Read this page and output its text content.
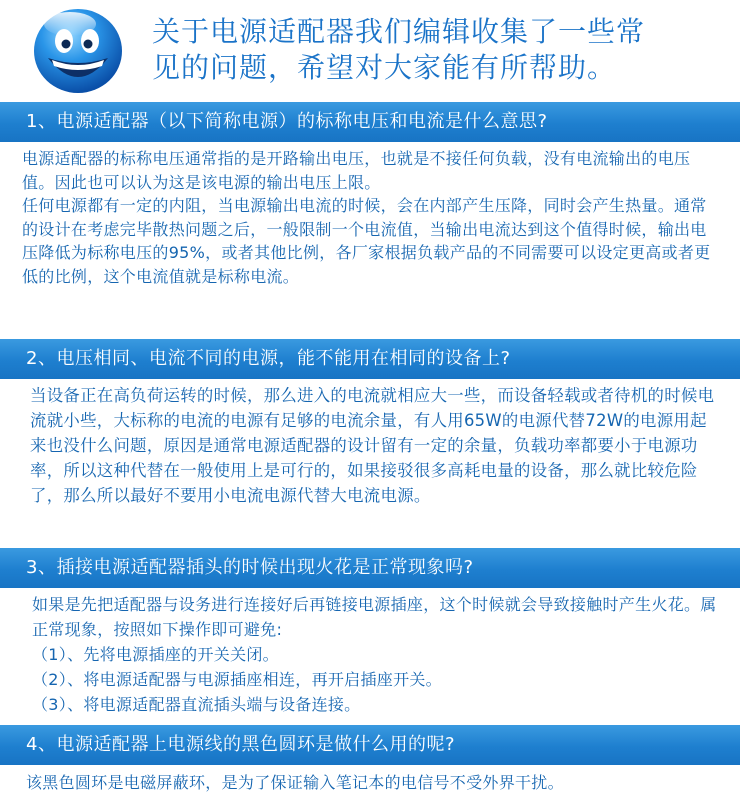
关于电源适配器我们编辑收集了一些常
见的问题，希望对大家能有所帮助。
1、电源适配器（以下简称电源）的标称电压和电流是什么意思?

电源适配器的标称电压通常指的是开路输出电压，也就是不接任何负载，没有电流输出的电压值。因此也可以认为这是该电源的输出电压上限。

任何电源都有一定的内阻，当电源输出电流的时候，会在内部产生压降，同时会产生热量。通常的设计在考虑完毕散热问题之后，一般限制一个电流值，当输出电流达到这个值得时候，输出电压降低为标称电压的95%，或者其他比例，各厂家根据负载产品的不同需要可以设定更高或者更低的比例，这个电流值就是标称电流。

2、电压相同、电流不同的电源，能不能用在相同的设备上?

当设备正在高负荷运转的时候，那么进入的电流就相应大一些，而设备轻载或者待机的时候电流就小些，大标称的电流的电源有足够的电流余量，有人用65W的电源代替72W的电源用起来也没什么问题，原因是通常电源适配器的设计留有一定的余量，负载功率都要小于电源功率，所以这种代替在一般使用上是可行的，如果接驳很多高耗电量的设备，那么就比较危险了，那么所以最好不要用小电流电源代替大电流电源。

3、插接电源适配器插头的时候出现火花是正常现象吗?

如果是先把适配器与设务进行连接好后再链接电源插座，这个时候就会导致接触时产生火花。属正常现象，按照如下操作即可避免:

（1）、先将电源插座的开关关闭。

（2）、将电源适配器与电源插座相连，再开启插座开关。

（3）、将电源适配器直流插头端与设备连接。

4、电源适配器上电源线的黑色圆环是做什么用的呢?

该黑色圆环是电磁屏蔽环，是为了保证输入笔记本的电信号不受外界干扰。
